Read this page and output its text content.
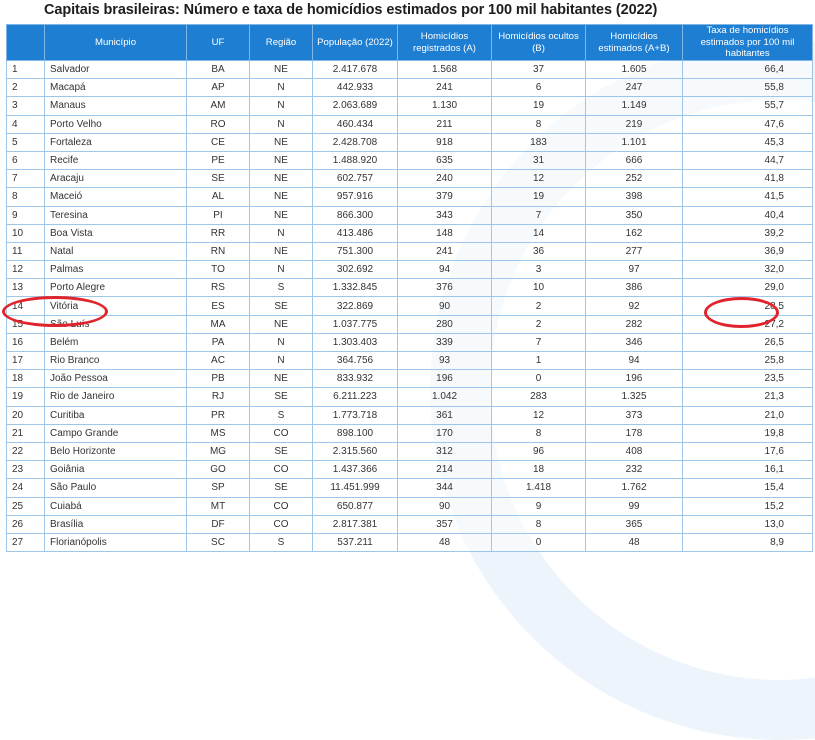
Capitais brasileiras: Número e taxa de homicídios estimados por 100 mil habitantes (2022)
	Município	UF	Região	População (2022)	Homicídios registrados (A)	Homicídios ocultos (B)	Homicídios estimados (A+B)	Taxa de homicídios estimados por 100 mil habitantes
1	Salvador	BA	NE	2.417.678	1.568	37	1.605	66,4
2	Macapá	AP	N	442.933	241	6	247	55,8
3	Manaus	AM	N	2.063.689	1.130	19	1.149	55,7
4	Porto Velho	RO	N	460.434	211	8	219	47,6
5	Fortaleza	CE	NE	2.428.708	918	183	1.101	45,3
6	Recife	PE	NE	1.488.920	635	31	666	44,7
7	Aracaju	SE	NE	602.757	240	12	252	41,8
8	Maceió	AL	NE	957.916	379	19	398	41,5
9	Teresina	PI	NE	866.300	343	7	350	40,4
10	Boa Vista	RR	N	413.486	148	14	162	39,2
11	Natal	RN	NE	751.300	241	36	277	36,9
12	Palmas	TO	N	302.692	94	3	97	32,0
13	Porto Alegre	RS	S	1.332.845	376	10	386	29,0
14	Vitória	ES	SE	322.869	90	2	92	28,5
15	São Luís	MA	NE	1.037.775	280	2	282	27,2
16	Belém	PA	N	1.303.403	339	7	346	26,5
17	Rio Branco	AC	N	364.756	93	1	94	25,8
18	João Pessoa	PB	NE	833.932	196	0	196	23,5
19	Rio de Janeiro	RJ	SE	6.211.223	1.042	283	1.325	21,3
20	Curitiba	PR	S	1.773.718	361	12	373	21,0
21	Campo Grande	MS	CO	898.100	170	8	178	19,8
22	Belo Horizonte	MG	SE	2.315.560	312	96	408	17,6
23	Goiânia	GO	CO	1.437.366	214	18	232	16,1
24	São Paulo	SP	SE	11.451.999	344	1.418	1.762	15,4
25	Cuiabá	MT	CO	650.877	90	9	99	15,2
26	Brasília	DF	CO	2.817.381	357	8	365	13,0
27	Florianópolis	SC	S	537.211	48	0	48	8,9
